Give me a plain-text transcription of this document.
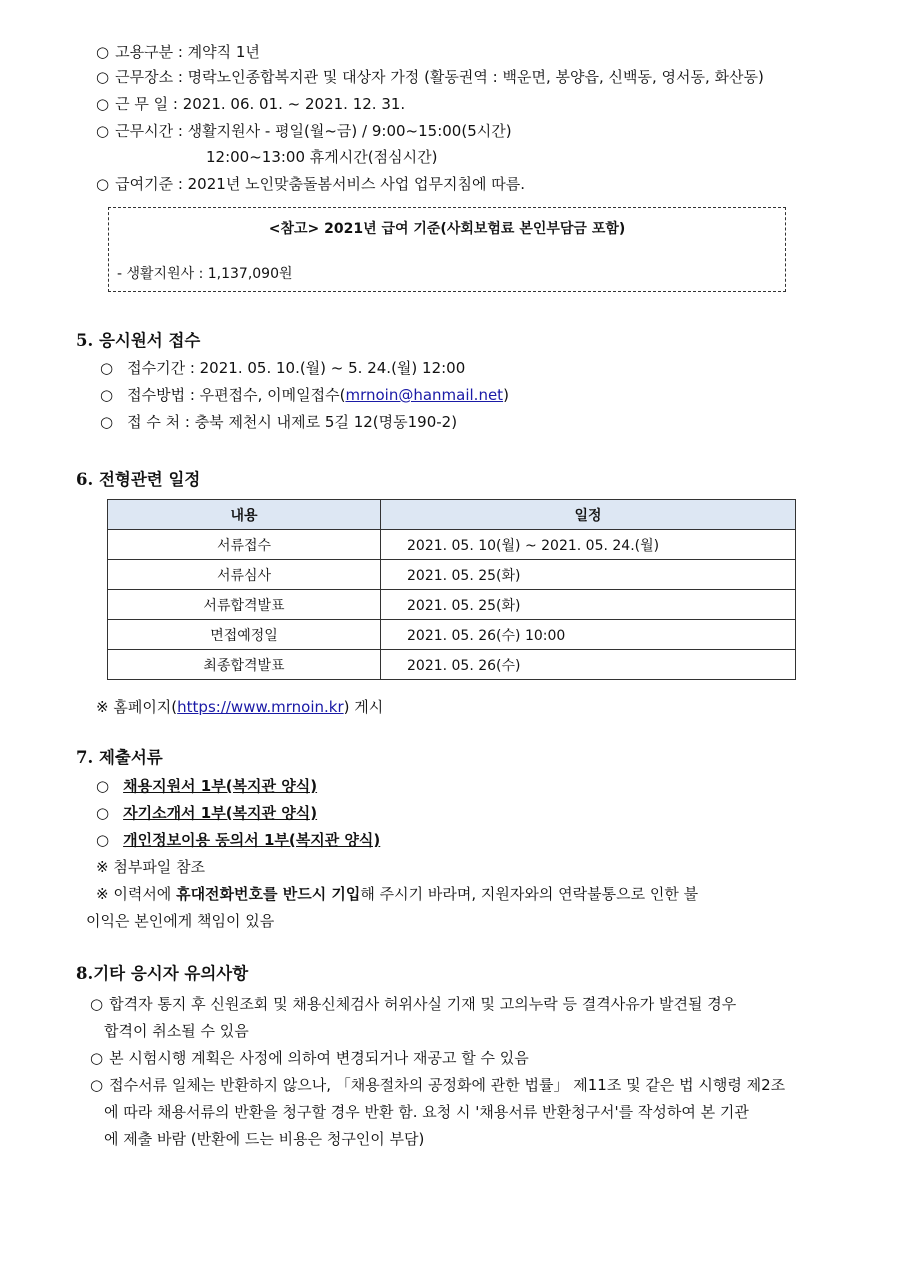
○ 고용구분 : 계약직 1년
○ 근무장소 : 명락노인종합복지관 및 대상자 가정 (활동권역 : 백운면, 봉양읍, 신백동, 영서동, 화산동)
○ 근 무 일 : 2021. 06. 01. ~ 2021. 12. 31.
○ 근무시간 : 생활지원사 - 평일(월~금) / 9:00~15:00(5시간)
12:00~13:00 휴게시간(점심시간)
○ 급여기준 : 2021년 노인맞춤돌봄서비스 사업 업무지침에 따름.
<참고> 2021년 급여 기준(사회보험료 본인부담금 포함)
- 생활지원사 : 1,137,090원
5. 응시원서 접수
○ 접수기간 : 2021. 05. 10.(월) ~ 5. 24.(월) 12:00
○ 접수방법 : 우편접수, 이메일접수(mrnoin@hanmail.net)
○ 접 수 처 : 충북 제천시 내제로 5길 12(명동190-2)
6. 전형관련 일정
내용	일정
서류접수	2021. 05. 10(월) ~ 2021. 05. 24.(월)
서류심사	2021. 05. 25(화)
서류합격발표	2021. 05. 25(화)
면접예정일	2021. 05. 26(수) 10:00
최종합격발표	2021. 05. 26(수)
※ 홈페이지(https://www.mrnoin.kr) 게시
7. 제출서류
○ 채용지원서 1부(복지관 양식)
○ 자기소개서 1부(복지관 양식)
○ 개인정보이용 동의서 1부(복지관 양식)
※ 첨부파일 참조
※ 이력서에 휴대전화번호를 반드시 기입해 주시기 바라며, 지원자와의 연락불통으로 인한 불
이익은 본인에게 책임이 있음
8.기타 응시자 유의사항
○ 합격자 통지 후 신원조회 및 채용신체검사 허위사실 기재 및 고의누락 등 결격사유가 발견될 경우
합격이 취소될 수 있음
○ 본 시험시행 계획은 사정에 의하여 변경되거나 재공고 할 수 있음
○ 접수서류 일체는 반환하지 않으나, 「채용절차의 공정화에 관한 법률」 제11조 및 같은 법 시행령 제2조
에 따라 채용서류의 반환을 청구할 경우 반환 함. 요청 시 '채용서류 반환청구서'를 작성하여 본 기관
에 제출 바람 (반환에 드는 비용은 청구인이 부담)
